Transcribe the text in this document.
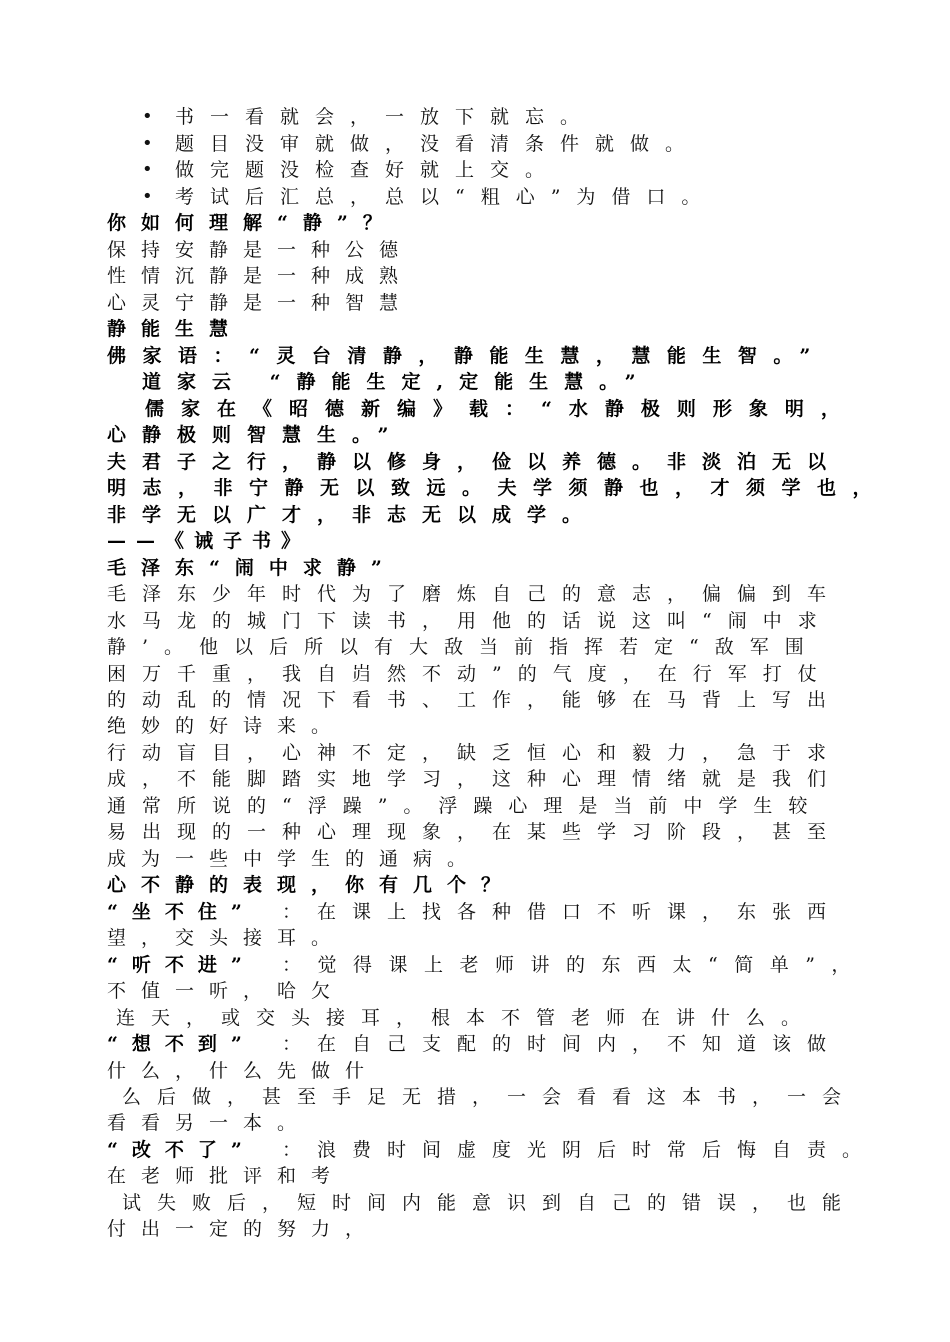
• 书一看就会，一放下就忘。
• 题目没审就做，没看清条件就做。
• 做完题没检查好就上交。
• 考试后汇总，总以“粗心”为借口。
你如何理解“静”？
保持安静是一种公德
性情沉静是一种成熟
心灵宁静是一种智慧
静能生慧
佛家语：“灵台清静，静能生慧，慧能生智。”
道家云 “静能生定,定能生慧。”
儒家在《昭德新编》载：“水静极则形象明，
心静极则智慧生。”
夫君子之行，静以修身，俭以养德。非淡泊无以
明志，非宁静无以致远。夫学须静也，才须学也，
非学无以广才，非志无以成学。
——《诫子书》
毛泽东“闹中求静”
毛泽东少年时代为了磨炼自己的意志，偏偏到车
水马龙的城门下读书，用他的话说这叫“闹中求
静’。他以后所以有大敌当前指挥若定“敌军围
困万千重，我自岿然不动”的气度，在行军打仗
的动乱的情况下看书、工作，能够在马背上写出
绝妙的好诗来。
行动盲目，心神不定，缺乏恒心和毅力，急于求
成，不能脚踏实地学习，这种心理情绪就是我们
通常所说的“浮躁”。浮躁心理是当前中学生较
易出现的一种心理现象，在某些学习阶段，甚至
成为一些中学生的通病。
心不静的表现，你有几个？
“坐不住” ：在课上找各种借口不听课，东张西
望，交头接耳。
“听不进” ：觉得课上老师讲的东西太“简单”，
不值一听，哈欠
连天，或交头接耳，根本不管老师在讲什么。
“想不到” ：在自己支配的时间内，不知道该做
什么，什么先做什
么后做，甚至手足无措，一会看看这本书，一会
看看另一本。
“改不了” ：浪费时间虚度光阴后时常后悔自责。
在老师批评和考
试失败后，短时间内能意识到自己的错误，也能
付出一定的努力，
